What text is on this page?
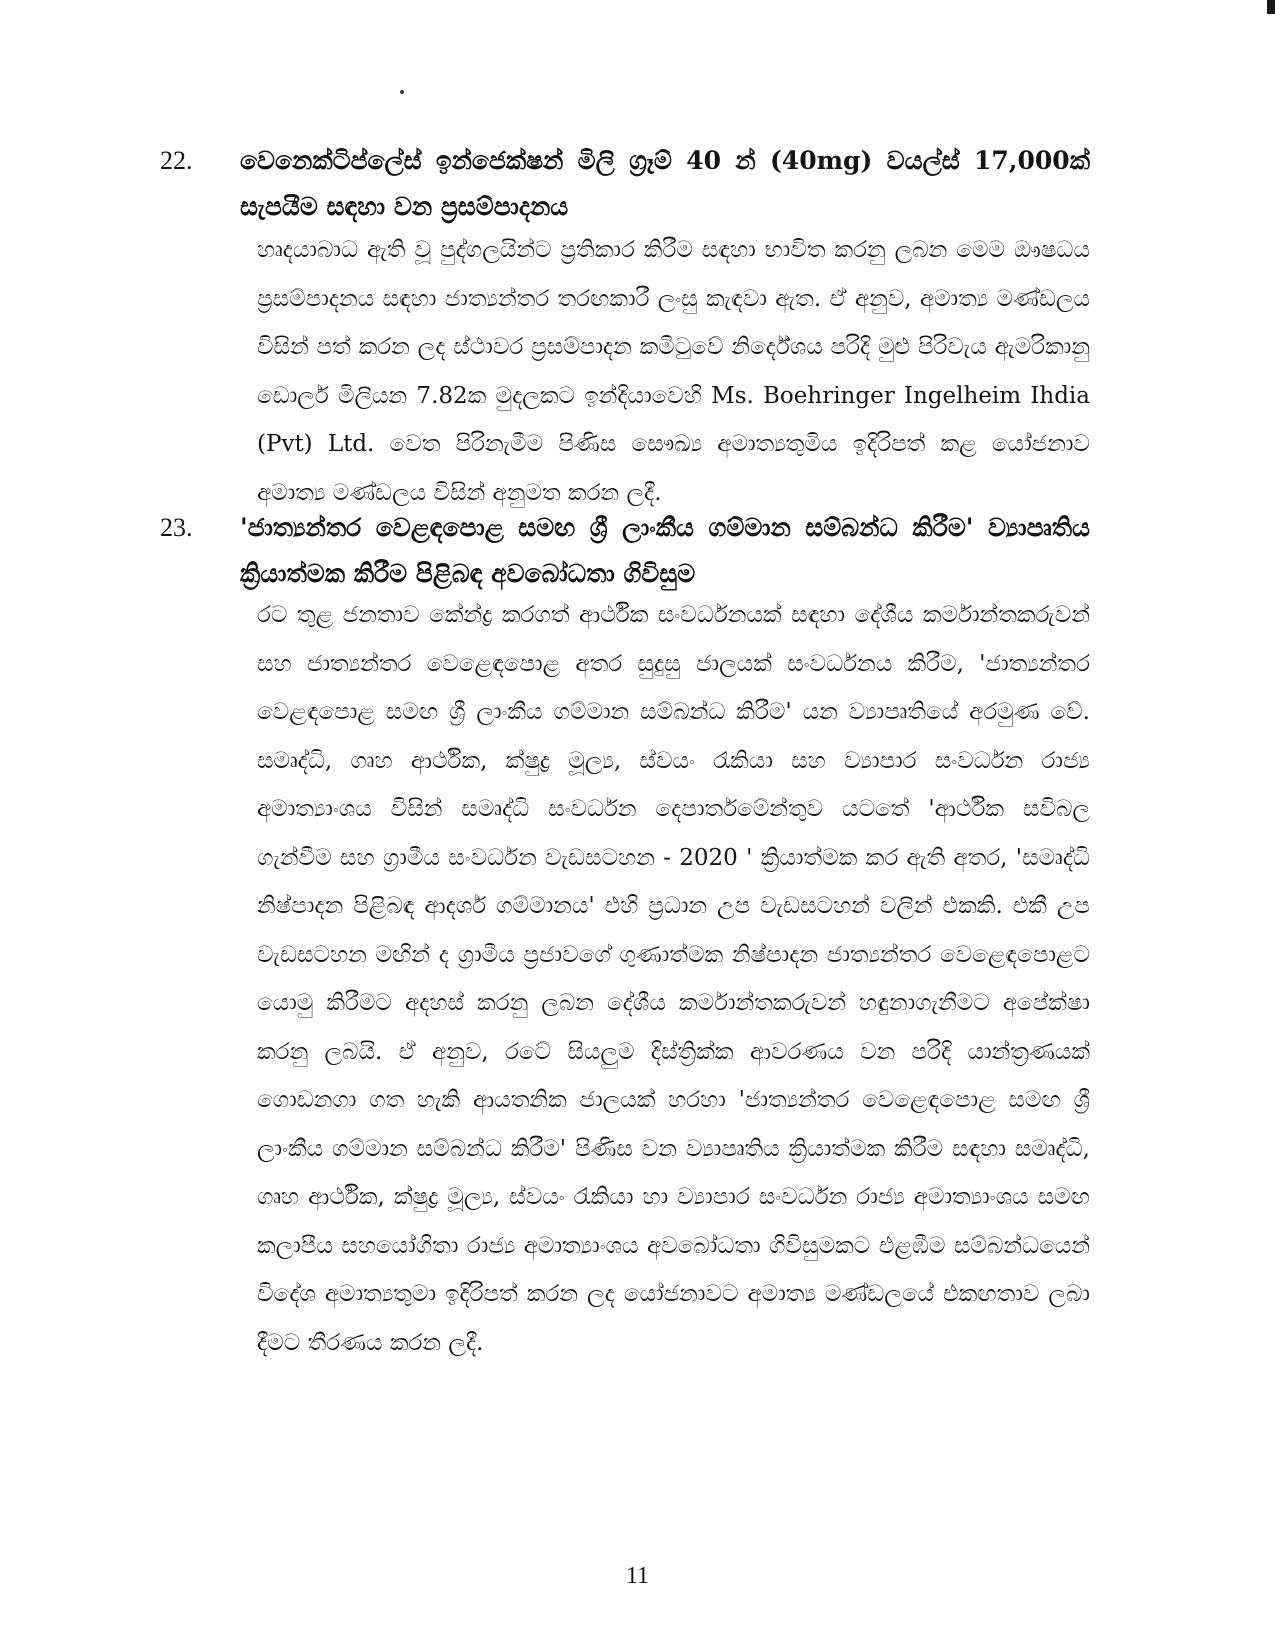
22. වෙනෙක්ටිප්ලේස් ඉන්ජෙක්ෂන් මිලි ග්‍රෑම් 40 න් (40mg) වයල්ස් 17,000ක් සැපයීම සඳහා වන ප්‍රසම්පාදනය

හෘදයාබාධ ඇති වූ පුද්ගලයින්ට ප්‍රතිකාර කිරීම සඳහා භාවිත කරනු ලබන මෙම ඖෂධය ප්‍රසම්පාදනය සඳහා ජාත්‍යන්තර තරඟකාරී ලංසු කැඳවා ඇත. ඒ අනුව, අමාත්‍ය මණ්ඩලය විසින් පත් කරන ලද ස්ථාවර ප්‍රසම්පාදන කමිටුවේ නිර්දේශය පරිදි මුළු පිරිවැය ඇමරිකානු ඩොලර් මිලියන 7.82ක මුදලකට ඉන්දියාවෙහි Ms. Boehringer Ingelheim Ihdia (Pvt) Ltd. වෙත පිරිනැමීම පිණිස සෞඛ්‍ය අමාත්‍යතුමිය ඉදිරිපත් කළ යෝජනාව අමාත්‍ය මණ්ඩලය විසින් අනුමත කරන ලදී.

23. 'ජාත්‍යන්තර වෙළඳපොළ සමඟ ශ්‍රී ලාංකීය ගම්මාන සම්බන්ධ කිරීම' ව්‍යාපෘතිය ක්‍රියාත්මක කිරීම පිළිබඳ අවබෝධතා ගිවිසුම

රට තුළ ජනතාව කේන්ද්‍ර කරගත් ආර්ථික සංවර්ධනයක් සඳහා දේශීය කර්මාන්තකරුවන් සහ ජාත්‍යන්තර වෙළෙඳපොළ අතර සුදුසු ජාලයක් සංවර්ධනය කිරීම, 'ජාත්‍යන්තර වෙළඳපොළ සමඟ ශ්‍රී ලාංකීය ගම්මාන සම්බන්ධ කිරීම' යන ව්‍යාපෘතියේ අරමුණ වේ. සමෘද්ධි, ගෘහ ආර්ථික, ක්ෂුද්‍ර මූල්‍ය, ස්වයං රැකියා සහ ව්‍යාපාර සංවර්ධන රාජ්‍ය අමාත්‍යාංශය විසින් සමෘද්ධි සංවර්ධන දෙපාර්තමේන්තුව යටතේ 'ආර්ථික සවිබල ගැන්වීම සහ ග්‍රාමීය සංවර්ධන වැඩසටහන - 2020 ' ක්‍රියාත්මක කර ඇති අතර, 'සමෘද්ධි නිෂ්පාදන පිළිබඳ ආදර්ශ ගම්මානය' එහි ප්‍රධාන උප වැඩසටහන් වලින් එකකි. එකී උප වැඩසටහන මඟින් ද ග්‍රාමීය ප්‍රජාවගේ ගුණාත්මක නිෂ්පාදන ජාත්‍යන්තර වෙළෙඳපොළට යොමු කිරීමට අදහස් කරනු ලබන දේශීය කර්මාන්තකරුවන් හඳුනාගැනීමට අපේක්ෂා කරනු ලබයි. ඒ අනුව, රටේ සියලුම දිස්ත්‍රික්ක ආවරණය වන පරිදි යාන්ත්‍රණයක් ගොඩනගා ගත හැකි ආයතනික ජාලයක් හරහා 'ජාත්‍යන්තර වෙළෙඳපොළ සමඟ ශ්‍රී ලාංකීය ගම්මාන සම්බන්ධ කිරීම' පිණිස වන ව්‍යාපෘතිය ක්‍රියාත්මක කිරීම සඳහා සමෘද්ධි, ගෘහ ආර්ථික, ක්ෂුද්‍ර මූල්‍ය, ස්වයං රැකියා හා ව්‍යාපාර සංවර්ධන රාජ්‍ය අමාත්‍යාංශය සමඟ කලාපීය සහයෝගිතා රාජ්‍ය අමාත්‍යාංශය අවබෝධතා ගිවිසුමකට එළඹීම සම්බන්ධයෙන් විදේශ අමාත්‍යතුමා ඉදිරිපත් කරන ලද යෝජනාවට අමාත්‍ය මණ්ඩලයේ එකඟතාව ලබා දීමට තීරණය කරන ලදී.

11
